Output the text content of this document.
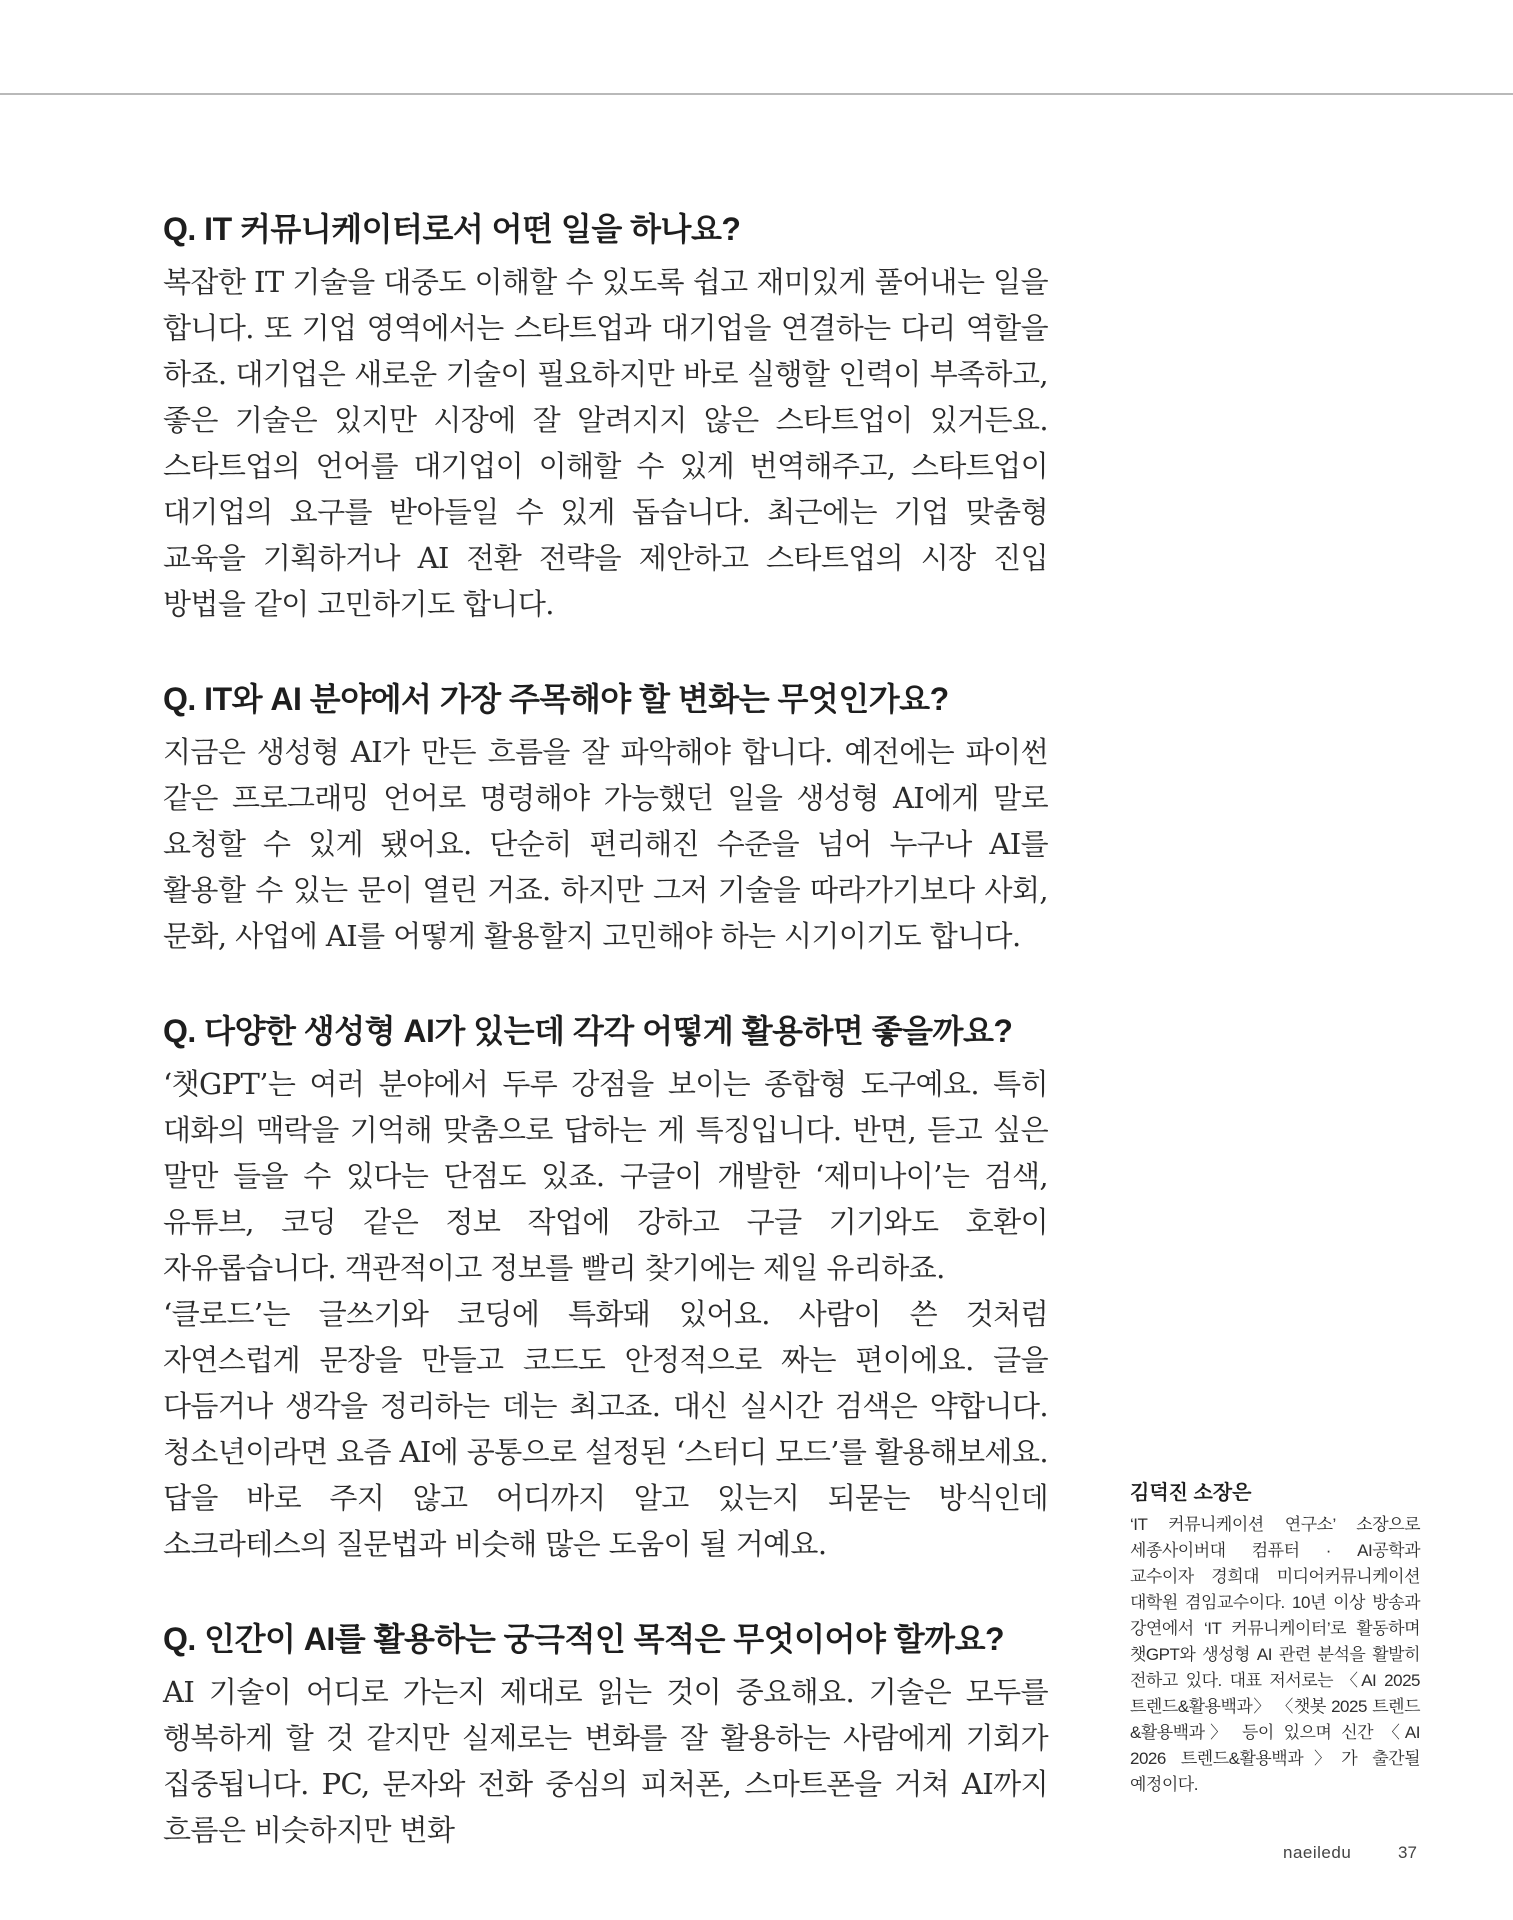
Q. IT 커뮤니케이터로서 어떤 일을 하나요?

복잡한 IT 기술을 대중도 이해할 수 있도록 쉽고 재미있게 풀어내는 일을 합니다. 또 기업 영역에서는 스타트업과 대기업을 연결하는 다리 역할을 하죠. 대기업은 새로운 기술이 필요하지만 바로 실행할 인력이 부족하고, 좋은 기술은 있지만 시장에 잘 알려지지 않은 스타트업이 있거든요. 스타트업의 언어를 대기업이 이해할 수 있게 번역해주고, 스타트업이 대기업의 요구를 받아들일 수 있게 돕습니다. 최근에는 기업 맞춤형 교육을 기획하거나 AI 전환 전략을 제안하고 스타트업의 시장 진입 방법을 같이 고민하기도 합니다.

Q. IT와 AI 분야에서 가장 주목해야 할 변화는 무엇인가요?

지금은 생성형 AI가 만든 흐름을 잘 파악해야 합니다. 예전에는 파이썬 같은 프로그래밍 언어로 명령해야 가능했던 일을 생성형 AI에게 말로 요청할 수 있게 됐어요. 단순히 편리해진 수준을 넘어 누구나 AI를 활용할 수 있는 문이 열린 거죠. 하지만 그저 기술을 따라가기보다 사회, 문화, 사업에 AI를 어떻게 활용할지 고민해야 하는 시기이기도 합니다.

Q. 다양한 생성형 AI가 있는데 각각 어떻게 활용하면 좋을까요?

‘챗GPT’는 여러 분야에서 두루 강점을 보이는 종합형 도구예요. 특히 대화의 맥락을 기억해 맞춤으로 답하는 게 특징입니다. 반면, 듣고 싶은 말만 들을 수 있다는 단점도 있죠. 구글이 개발한 ‘제미나이’는 검색, 유튜브, 코딩 같은 정보 작업에 강하고 구글 기기와도 호환이 자유롭습니다. 객관적이고 정보를 빨리 찾기에는 제일 유리하죠.

‘클로드’는 글쓰기와 코딩에 특화돼 있어요. 사람이 쓴 것처럼 자연스럽게 문장을 만들고 코드도 안정적으로 짜는 편이에요. 글을 다듬거나 생각을 정리하는 데는 최고죠. 대신 실시간 검색은 약합니다. 청소년이라면 요즘 AI에 공통으로 설정된 ‘스터디 모드’를 활용해보세요. 답을 바로 주지 않고 어디까지 알고 있는지 되묻는 방식인데 소크라테스의 질문법과 비슷해 많은 도움이 될 거예요.

Q. 인간이 AI를 활용하는 궁극적인 목적은 무엇이어야 할까요?

AI 기술이 어디로 가는지 제대로 읽는 것이 중요해요. 기술은 모두를 행복하게 할 것 같지만 실제로는 변화를 잘 활용하는 사람에게 기회가 집중됩니다. PC, 문자와 전화 중심의 피처폰, 스마트폰을 거쳐 AI까지 흐름은 비슷하지만 변화

김덕진 소장은

‘IT 커뮤니케이션 연구소’ 소장으로 세종사이버대 컴퓨터 · AI공학과 교수이자 경희대 미디어커뮤니케이션 대학원 겸임교수이다. 10년 이상 방송과 강연에서 ‘IT 커뮤니케이터’로 활동하며 챗GPT와 생성형 AI 관련 분석을 활발히 전하고 있다. 대표 저서로는 〈AI 2025 트렌드&활용백과〉 〈챗봇 2025 트렌드&활용백과〉 등이 있으며 신간 〈AI 2026 트렌드&활용백과〉가 출간될 예정이다.

naeiledu	37
